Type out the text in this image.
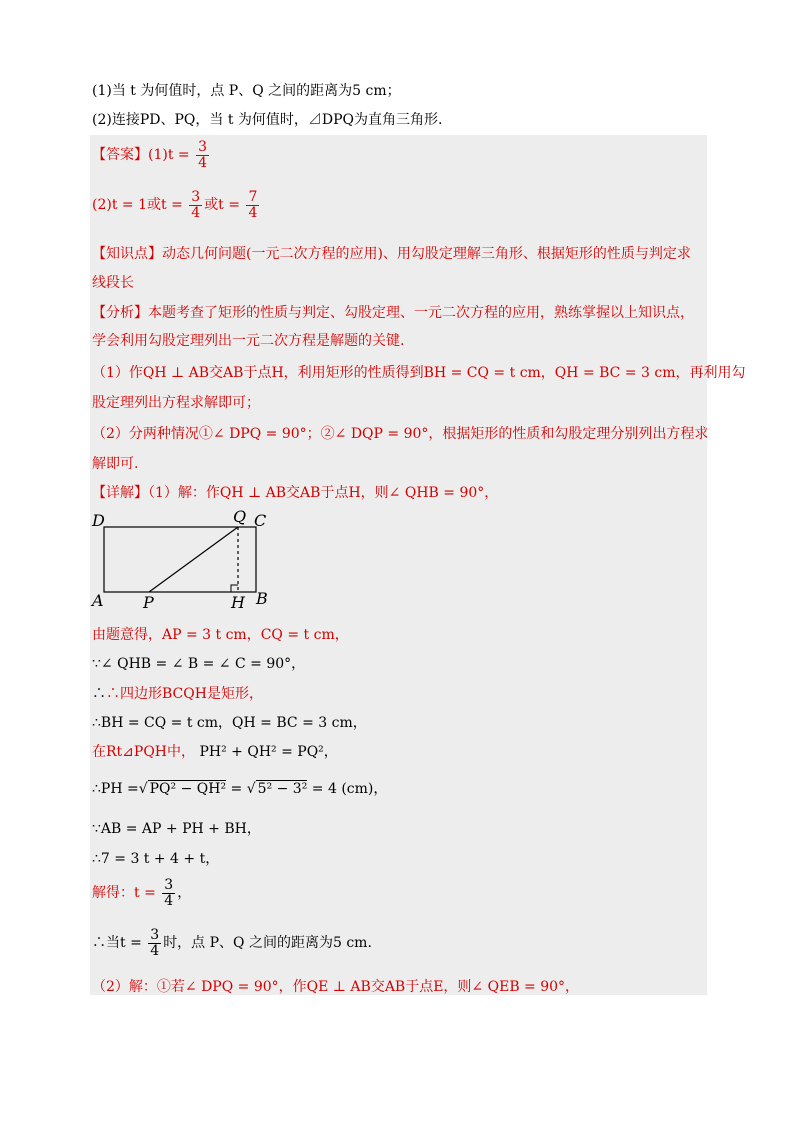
(1)当 t 为何值时，点 P、Q 之间的距离为5 cm；
(2)连接PD、PQ，当 t 为何值时，⊿DPQ为直角三角形.
【答案】$(1)t = \frac{3}{4}$
(2)t = 1或$t = \frac{3}{4}$ 或$t = \frac{7}{4}$
【知识点】动态几何问题(一元二次方程的应用)、用勾股定理解三角形、根据矩形的性质与判定求
线段长
【分析】本题考查了矩形的性质与判定、勾股定理、一元二次方程的应用，熟练掌握以上知识点，
学会利用勾股定理列出一元二次方程是解题的关键.
（1）作QH ⊥ AB交AB于点H，利用矩形的性质得到BH = CQ = t cm，QH = BC = 3 cm，再利用勾
股定理列出方程求解即可；
（2）分两种情况①∠ DPQ = 90°；②∠ DQP = 90°，根据矩形的性质和勾股定理分别列出方程求
解即可.
【详解】（1）解：作QH ⊥ AB交AB于点H，则∠ QHB = 90°，
D	Q C
A P	H B
由题意得，AP = 3 t cm，CQ = t cm，
∵∠ QHB = ∠ B = ∠ C = 90°，
∴∴四边形BCQH是矩形，
∴BH = CQ = t cm，QH = BC = 3 cm，
在Rt⊿PQH中， PH² + QH² = PQ²，
∴PH =√ PQ² − QH² = √ 5² − 3² = 4 (cm)，
∵AB = AP + PH + BH，
∴7 = 3 t + 4 + t，
解得：$t = \frac{3}{4}$ ，
∴当$t = \frac{3}{4}$ 时，点 P、Q 之间的距离为5 cm.
（2）解：①若∠ DPQ = 90°，作QE ⊥ AB交AB于点E，则∠ QEB = 90°，
